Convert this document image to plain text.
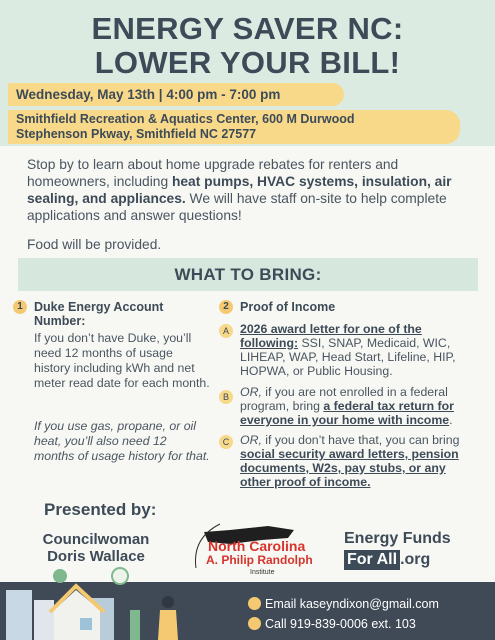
ENERGY SAVER NC:
LOWER YOUR BILL!
Wednesday, May 13th | 4:00 pm - 7:00 pm
Smithfield Recreation & Aquatics Center, 600 M Durwood
Stephenson Pkway, Smithfield NC 27577

Stop by to learn about home upgrade rebates for renters and homeowners, including heat pumps, HVAC systems, insulation, air sealing, and appliances. We will have staff on-site to help complete applications and answer questions!

Food will be provided.

WHAT TO BRING:
1 Duke Energy Account Number:

If you don’t have Duke, you’ll need 12 months of usage history including kWh and net meter read date for each month.

If you use gas, propane, or oil heat, you’ll also need 12 months of usage history for that.

2 Proof of Income
A 2026 award letter for one of the following: SSI, SNAP, Medicaid, WIC, LIHEAP, WAP, Head Start, Lifeline, HIP, HOPWA, or Public Housing.

B OR, if you are not enrolled in a federal program, bring a federal tax return for everyone in your home with income.

C OR, if you don’t have that, you can bring social security award letters, pension documents, W2s, pay stubs, or any other proof of income.

Presented by:
Councilwoman Doris Wallace
North Carolina
A. Philip Randolph
Institute
Energy Funds
For All .org
Email kaseyndixon@gmail.com
Call 919-839-0006 ext. 103
